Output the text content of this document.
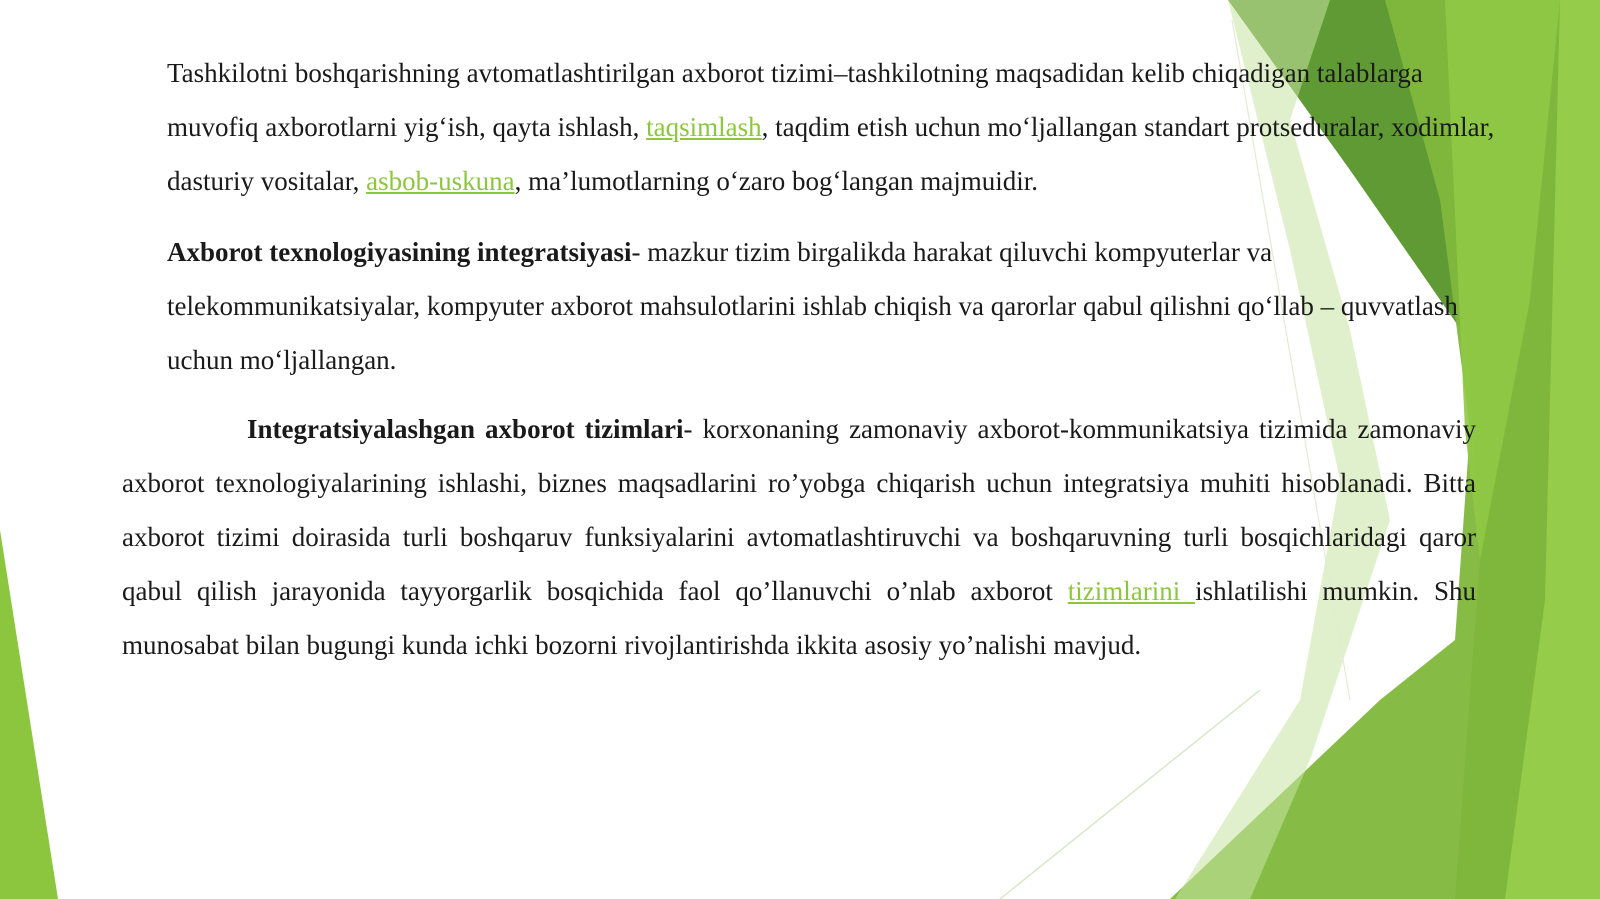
Tashkilotni boshqarishning avtomatlashtirilgan axborot tizimi–tashkilotning maqsadidan kelib chiqadigan talablarga muvofiq axborotlarni yig‘ish, qayta ishlash, taqsimlash, taqdim etish uchun mo‘ljallangan standart protseduralar, xodimlar, dasturiy vositalar, asbob-uskuna, ma’lumotlarning o‘zaro bog‘langan majmuidir.

Axborot texnologiyasining integratsiyasi- mazkur tizim birgalikda harakat qiluvchi kompyuterlar va telekommunikatsiyalar, kompyuter axborot mahsulotlarini ishlab chiqish va qarorlar qabul qilishni qo‘llab – quvvatlash uchun mo‘ljallangan.

Integratsiyalashgan axborot tizimlari- korxonaning zamonaviy axborot-kommunikatsiya tizimida zamonaviy axborot texnologiyalarining ishlashi, biznes maqsadlarini ro’yobga chiqarish uchun integratsiya muhiti hisoblanadi. Bitta axborot tizimi doirasida turli boshqaruv funksiyalarini avtomatlashtiruvchi va boshqaruvning turli bosqichlaridagi qaror qabul qilish jarayonida tayyorgarlik bosqichida faol qo’llanuvchi o’nlab axborot tizimlarini ishlatilishi mumkin. Shu munosabat bilan bugungi kunda ichki bozorni rivojlantirishda ikkita asosiy yo’nalishi mavjud.
